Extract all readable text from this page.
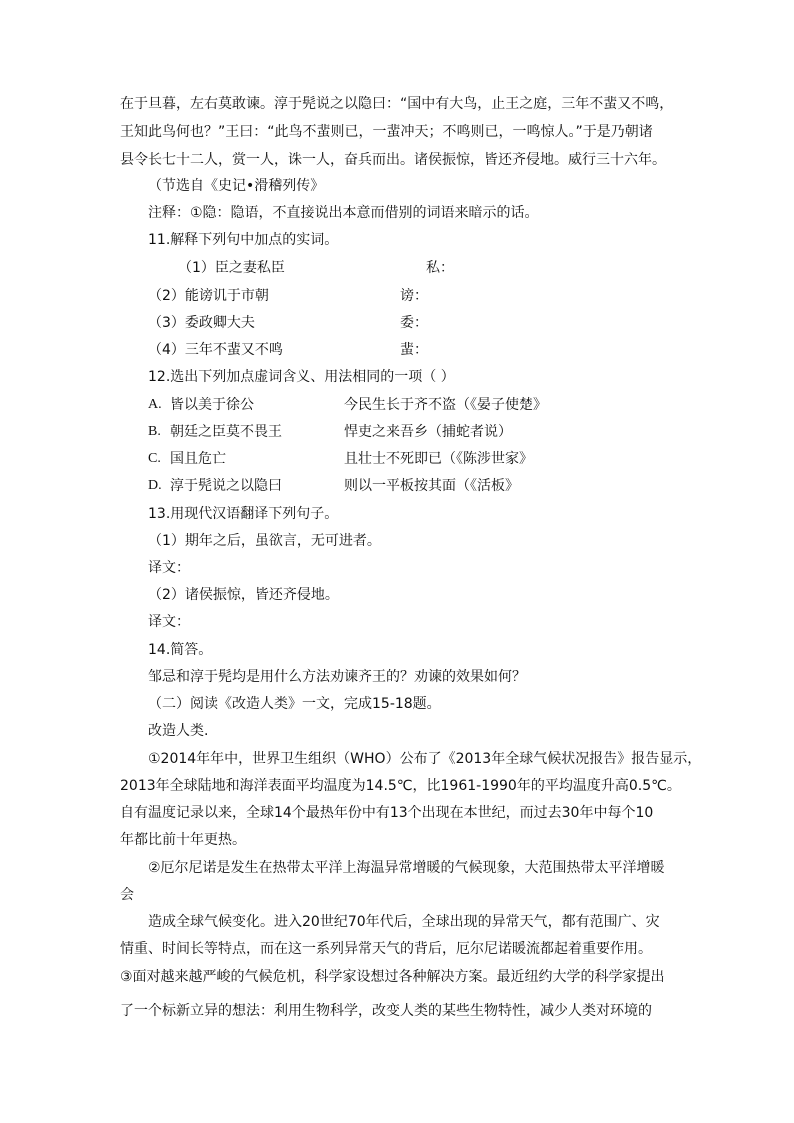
在于旦暮，左右莫敢谏。淳于髡说之以隐曰：“国中有大鸟，止王之庭，三年不蜚又不鸣，
王知此鸟何也？”王曰：“此鸟不蜚则已，一蜚冲天；不鸣则已，一鸣惊人。”于是乃朝诸
县令长七十二人，赏一人，诛一人，奋兵而出。诸侯振惊，皆还齐侵地。威行三十六年。
（节选自《史记•滑稽列传》
注释：①隐：隐语，不直接说出本意而借别的词语来暗示的话。
11.解释下列句中加点的实词。
（1）臣之妻私臣	私：
（2）能谤讥于市朝	谤：
（3）委政卿大夫	委：
（4）三年不蜚又不鸣	蜚：
12.选出下列加点虚词含义、用法相同的一项（ ）
A. 皆以美于徐公	今民生长于齐不盗（《晏子使楚》
B. 朝廷之臣莫不畏王	悍吏之来吾乡（捕蛇者说）
C. 国且危亡	且壮士不死即已（《陈涉世家》
D. 淳于髡说之以隐曰	则以一平板按其面（《活板》
13.用现代汉语翻译下列句子。
（1）期年之后，虽欲言，无可进者。
译文：
（2）诸侯振惊，皆还齐侵地。
译文：
14.简答。
邹忌和淳于髡均是用什么方法劝谏齐王的？劝谏的效果如何？
（二）阅读《改造人类》一文，完成15-18题。
改造人类.
①2014年年中，世界卫生组织（WHO）公布了《2013年全球气候状况报告》报告显示，
2013年全球陆地和海洋表面平均温度为14.5℃，比1961-1990年的平均温度升高0.5℃。
自有温度记录以来，全球14个最热年份中有13个出现在本世纪，而过去30年中每个10
年都比前十年更热。
②厄尔尼诺是发生在热带太平洋上海温异常增暖的气候现象，大范围热带太平洋增暖
会
造成全球气候变化。进入20世纪70年代后，全球出现的异常天气，都有范围广、灾
情重、时间长等特点，而在这一系列异常天气的背后，厄尔尼诺暖流都起着重要作用。
③面对越来越严峻的气候危机，科学家设想过各种解决方案。最近纽约大学的科学家提出
了一个标新立异的想法：利用生物科学，改变人类的某些生物特性，减少人类对环境的
